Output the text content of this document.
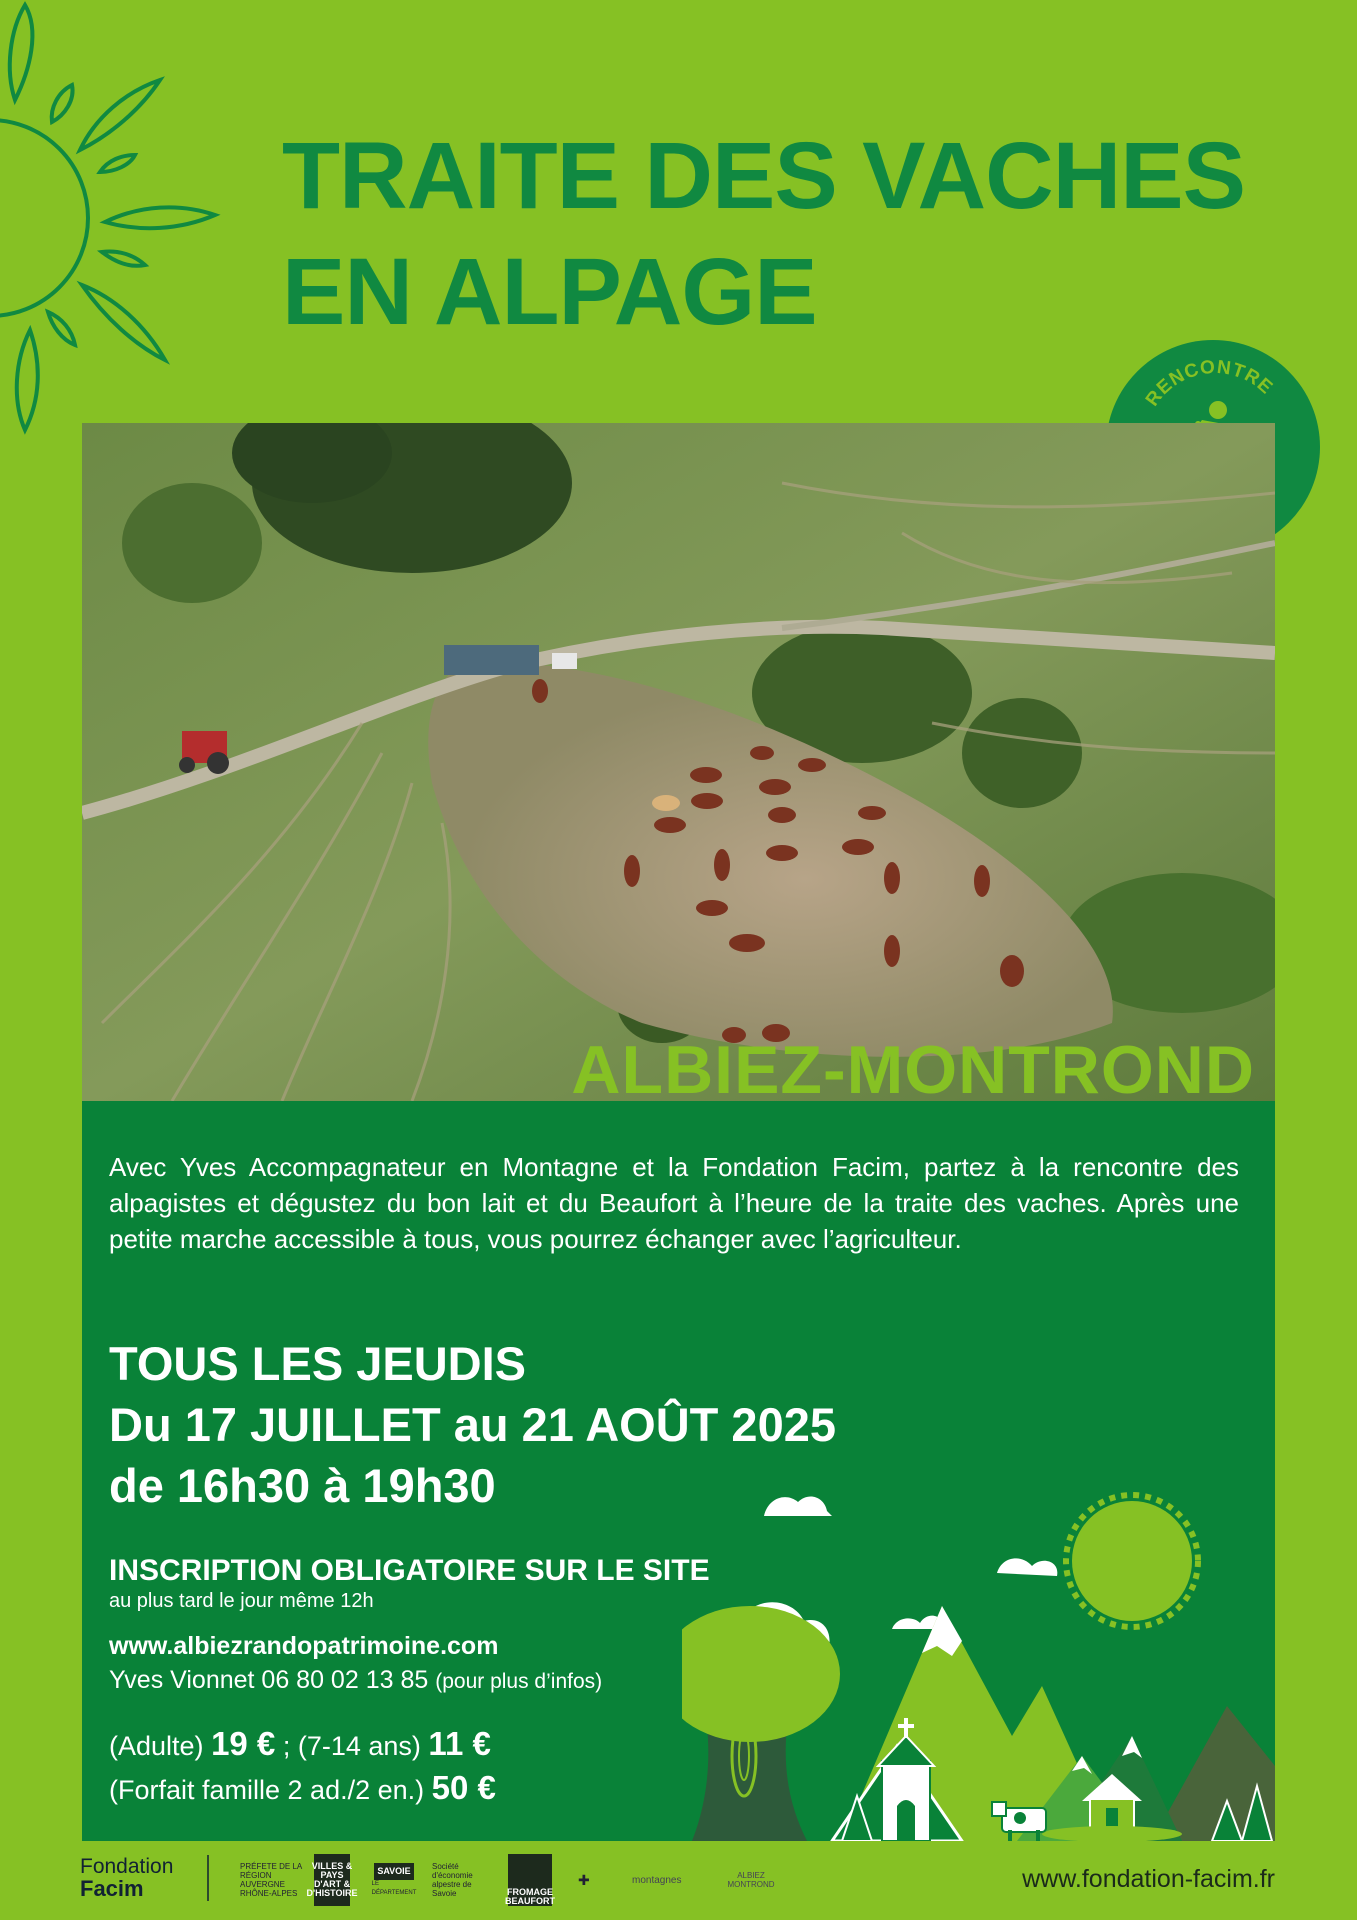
TRAITE DES VACHES
EN ALPAGE
RENCONTRE
ALBIEZ-MONTROND

Avec Yves Accompagnateur en Montagne et la Fondation Facim, partez à la rencontre des alpagistes et dégustez du bon lait et du Beaufort à l’heure de la traite des vaches. Après une petite marche accessible à tous, vous pourrez échanger avec l’agriculteur.

TOUS LES JEUDIS
Du 17 JUILLET au 21 AOÛT 2025
de 16h30 à 19h30
INSCRIPTION OBLIGATOIRE SUR LE SITE
au plus tard le jour même 12h
www.albiezrandopatrimoine.com
Yves Vionnet 06 80 02 13 85 (pour plus d’infos)
(Adulte) 19 € ; (7-14 ans) 11 €
(Forfait famille 2 ad./2 en.) 50 €
Fondation
Facim
PRÉFETE DE LA RÉGION AUVERGNE RHÔNE-ALPES
VILLES & PAYS D'ART & D'HISTOIRE
SAVOIE
LE DÉPARTEMENT
Société d'économie alpestre de Savoie	FROMAGE BEAUFORT
✚	montagnes	ALBIEZ MONTROND	www.fondation-facim.fr
